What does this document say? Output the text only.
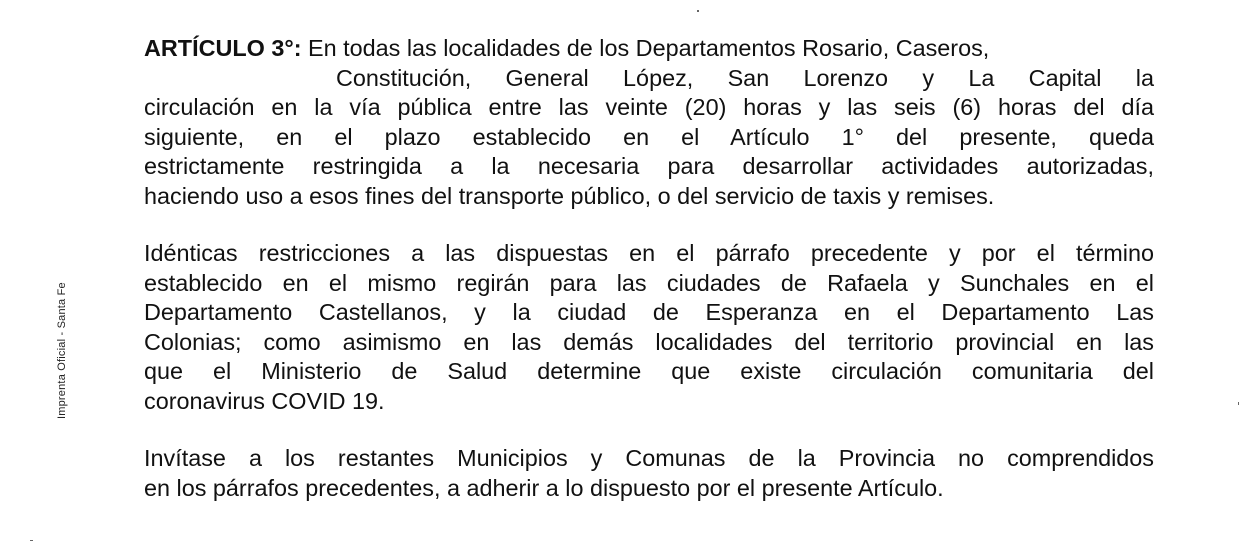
Imprenta Oficial - Santa Fe

ARTÍCULO 3°: En todas las localidades de los Departamentos Rosario, Caseros,
Constitución, General López, San Lorenzo y La Capital la
circulación en la vía pública entre las veinte (20) horas y las seis (6) horas del día
siguiente, en el plazo establecido en el Artículo 1° del presente, queda
estrictamente restringida a la necesaria para desarrollar actividades autorizadas,
haciendo uso a esos fines del transporte público, o del servicio de taxis y remises.

Idénticas restricciones a las dispuestas en el párrafo precedente y por el término
establecido en el mismo regirán para las ciudades de Rafaela y Sunchales en el
Departamento Castellanos, y la ciudad de Esperanza en el Departamento Las
Colonias; como asimismo en las demás localidades del territorio provincial en las
que el Ministerio de Salud determine que existe circulación comunitaria del
coronavirus COVID 19.

Invítase a los restantes Municipios y Comunas de la Provincia no comprendidos
en los párrafos precedentes, a adherir a lo dispuesto por el presente Artículo.
